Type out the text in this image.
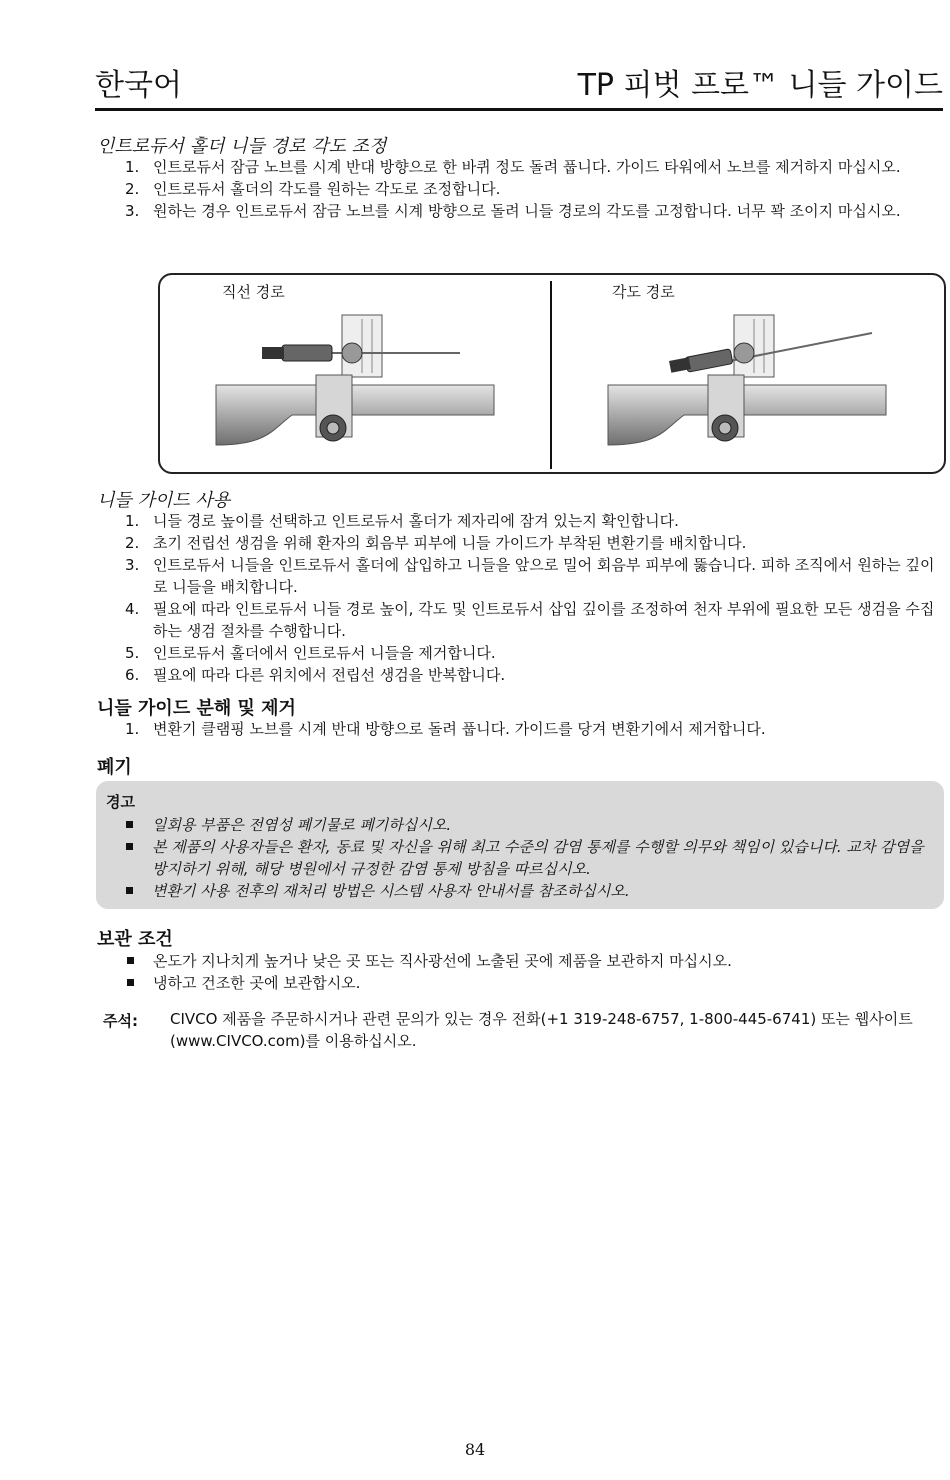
한국어	TP 피벗 프로™ 니들 가이드
인트로듀서 홀더 니들 경로 각도 조정
1. 인트로듀서 잠금 노브를 시계 반대 방향으로 한 바퀴 정도 돌려 풉니다. 가이드 타워에서 노브를 제거하지 마십시오.
2. 인트로듀서 홀더의 각도를 원하는 각도로 조정합니다.
3. 원하는 경우 인트로듀서 잠금 노브를 시계 방향으로 돌려 니들 경로의 각도를 고정합니다. 너무 꽉 조이지 마십시오.
직선 경로	각도 경로
니들 가이드 사용
1. 니들 경로 높이를 선택하고 인트로듀서 홀더가 제자리에 잠겨 있는지 확인합니다.
2. 초기 전립선 생검을 위해 환자의 회음부 피부에 니들 가이드가 부착된 변환기를 배치합니다.
3. 인트로듀서 니들을 인트로듀서 홀더에 삽입하고 니들을 앞으로 밀어 회음부 피부에 뚫습니다. 피하 조직에서 원하는 깊이로 니들을 배치합니다.
4. 필요에 따라 인트로듀서 니들 경로 높이, 각도 및 인트로듀서 삽입 깊이를 조정하여 천자 부위에 필요한 모든 생검을 수집하는 생검 절차를 수행합니다.
5. 인트로듀서 홀더에서 인트로듀서 니들을 제거합니다.
6. 필요에 따라 다른 위치에서 전립선 생검을 반복합니다.
니들 가이드 분해 및 제거
1. 변환기 클램핑 노브를 시계 반대 방향으로 돌려 풉니다. 가이드를 당겨 변환기에서 제거합니다.
폐기
경고
일회용 부품은 전염성 폐기물로 폐기하십시오.
본 제품의 사용자들은 환자, 동료 및 자신을 위해 최고 수준의 감염 통제를 수행할 의무와 책임이 있습니다. 교차 감염을 방지하기 위해, 해당 병원에서 규정한 감염 통제 방침을 따르십시오.
변환기 사용 전후의 재처리 방법은 시스템 사용자 안내서를 참조하십시오.
보관 조건
온도가 지나치게 높거나 낮은 곳 또는 직사광선에 노출된 곳에 제품을 보관하지 마십시오.
냉하고 건조한 곳에 보관합시오.
주석: CIVCO 제품을 주문하시거나 관련 문의가 있는 경우 전화(+1 319-248-6757, 1-800-445-6741) 또는 웹사이트(www.CIVCO.com)를 이용하십시오.
84
